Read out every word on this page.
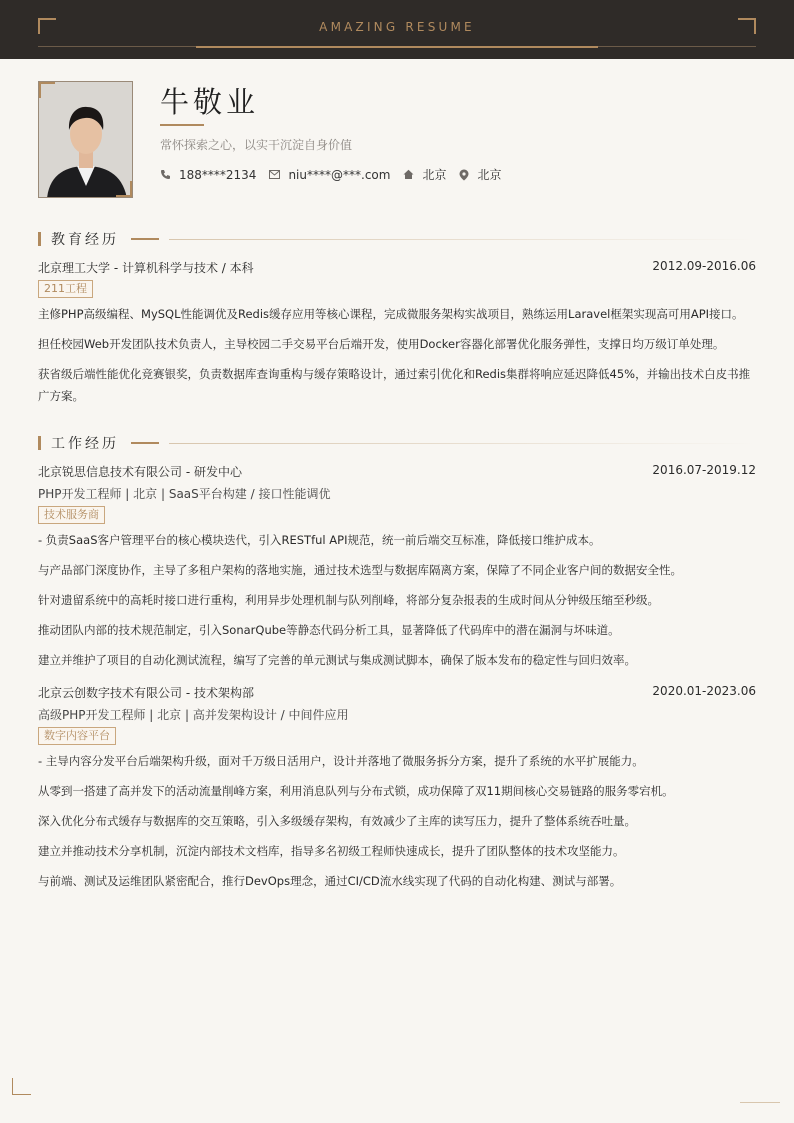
AMAZING RESUME
牛敬业
常怀探索之心，以实干沉淀自身价值
188****2134	niu****@***.com	北京	北京
教育经历
北京理工大学 - 计算机科学与技术 / 本科	2012.09-2016.06
211工程
主修PHP高级编程、MySQL性能调优及Redis缓存应用等核心课程，完成微服务架构实战项目，熟练运用Laravel框架实现高可用API接口。
担任校园Web开发团队技术负责人，主导校园二手交易平台后端开发，使用Docker容器化部署优化服务弹性，支撑日均万级订单处理。
获省级后端性能优化竞赛银奖，负责数据库查询重构与缓存策略设计，通过索引优化和Redis集群将响应延迟降低45%，并输出技术白皮书推广方案。
工作经历
北京锐思信息技术有限公司 - 研发中心	2016.07-2019.12
PHP开发工程师 | 北京 | SaaS平台构建 / 接口性能调优
技术服务商
- 负责SaaS客户管理平台的核心模块迭代，引入RESTful API规范，统一前后端交互标准，降低接口维护成本。
与产品部门深度协作，主导了多租户架构的落地实施，通过技术选型与数据库隔离方案，保障了不同企业客户间的数据安全性。
针对遗留系统中的高耗时接口进行重构，利用异步处理机制与队列削峰，将部分复杂报表的生成时间从分钟级压缩至秒级。
推动团队内部的技术规范制定，引入SonarQube等静态代码分析工具，显著降低了代码库中的潜在漏洞与坏味道。
建立并维护了项目的自动化测试流程，编写了完善的单元测试与集成测试脚本，确保了版本发布的稳定性与回归效率。
北京云创数字技术有限公司 - 技术架构部	2020.01-2023.06
高级PHP开发工程师 | 北京 | 高并发架构设计 / 中间件应用
数字内容平台
- 主导内容分发平台后端架构升级，面对千万级日活用户，设计并落地了微服务拆分方案，提升了系统的水平扩展能力。
从零到一搭建了高并发下的活动流量削峰方案，利用消息队列与分布式锁，成功保障了双11期间核心交易链路的服务零宕机。
深入优化分布式缓存与数据库的交互策略，引入多级缓存架构，有效减少了主库的读写压力，提升了整体系统吞吐量。
建立并推动技术分享机制，沉淀内部技术文档库，指导多名初级工程师快速成长，提升了团队整体的技术攻坚能力。
与前端、测试及运维团队紧密配合，推行DevOps理念，通过CI/CD流水线实现了代码的自动化构建、测试与部署。
